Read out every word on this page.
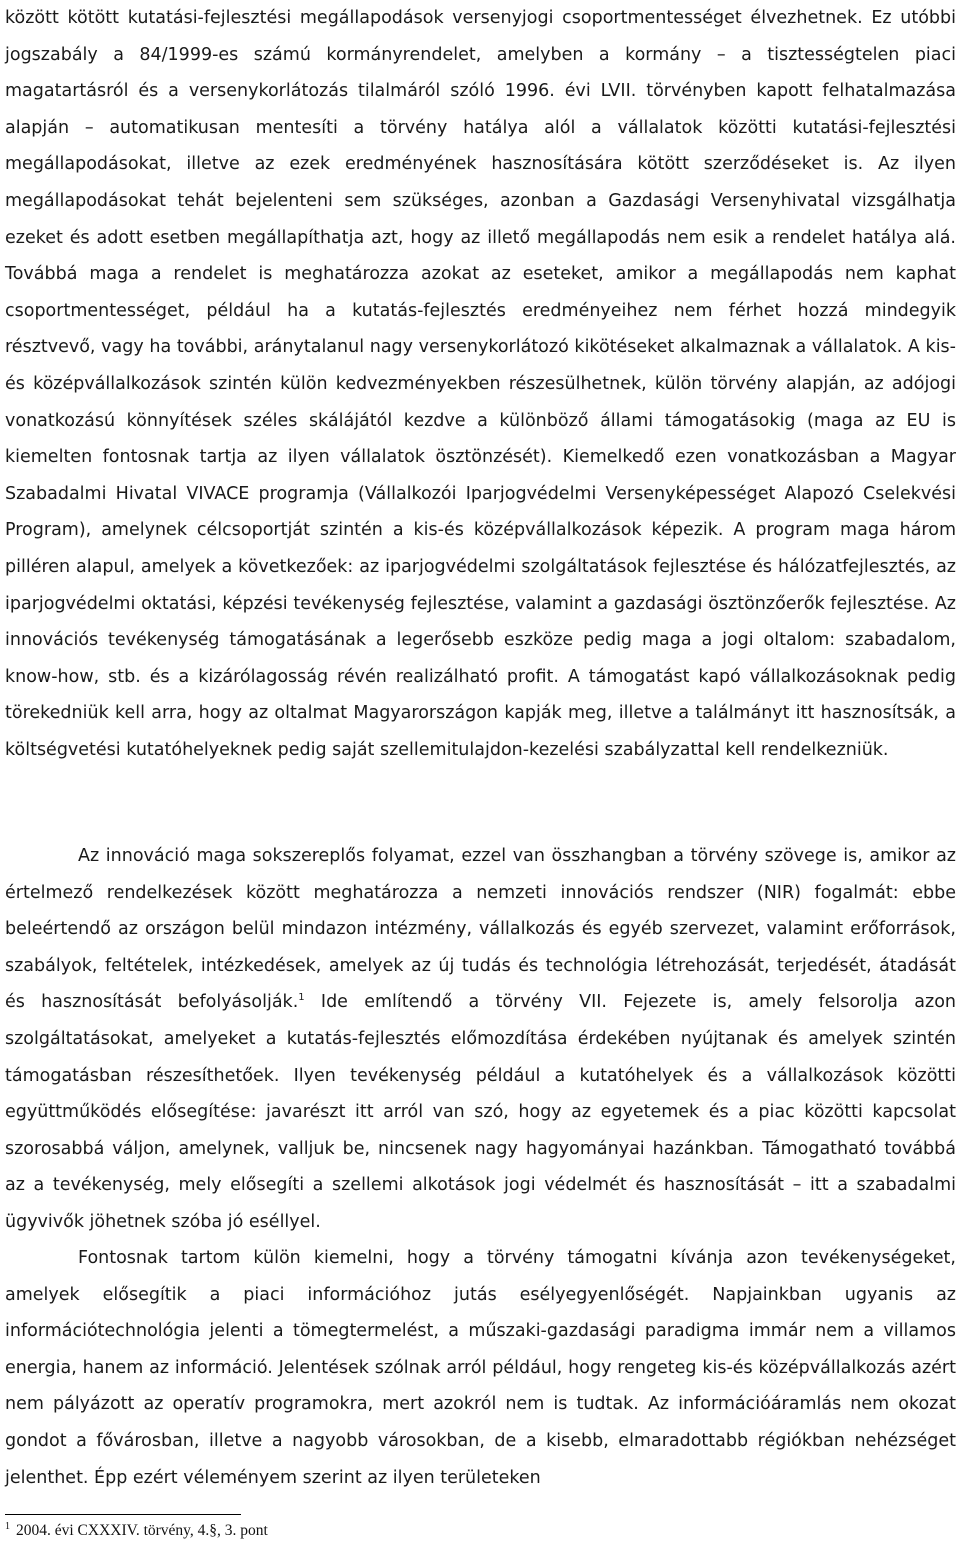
között kötött kutatási-fejlesztési megállapodások versenyjogi csoportmentességet élvezhetnek. Ez utóbbi jogszabály a 84/1999-es számú kormányrendelet, amelyben a kormány – a tisztességtelen piaci magatartásról és a versenykorlátozás tilalmáról szóló 1996. évi LVII. törvényben kapott felhatalmazása alapján – automatikusan mentesíti a törvény hatálya alól a vállalatok közötti kutatási-fejlesztési megállapodásokat, illetve az ezek eredményének hasznosítására kötött szerződéseket is. Az ilyen megállapodásokat tehát bejelenteni sem szükséges, azonban a Gazdasági Versenyhivatal vizsgálhatja ezeket és adott esetben megállapíthatja azt, hogy az illető megállapodás nem esik a rendelet hatálya alá. Továbbá maga a rendelet is meghatározza azokat az eseteket, amikor a megállapodás nem kaphat csoportmentességet, például ha a kutatás-fejlesztés eredményeihez nem férhet hozzá mindegyik résztvevő, vagy ha további, aránytalanul nagy versenykorlátozó kikötéseket alkalmaznak a vállalatok. A kis- és középvállalkozások szintén külön kedvezményekben részesülhetnek, külön törvény alapján, az adójogi vonatkozású könnyítések széles skálájától kezdve a különböző állami támogatásokig (maga az EU is kiemelten fontosnak tartja az ilyen vállalatok ösztönzését). Kiemelkedő ezen vonatkozásban a Magyar Szabadalmi Hivatal VIVACE programja (Vállalkozói Iparjogvédelmi Versenyképességet Alapozó Cselekvési Program), amelynek célcsoportját szintén a kis-és középvállalkozások képezik. A program maga három pilléren alapul, amelyek a következőek: az iparjogvédelmi szolgáltatások fejlesztése és hálózatfejlesztés, az iparjogvédelmi oktatási, képzési tevékenység fejlesztése, valamint a gazdasági ösztönzőerők fejlesztése. Az innovációs tevékenység támogatásának a legerősebb eszköze pedig maga a jogi oltalom: szabadalom, know-how, stb. és a kizárólagosság révén realizálható profit. A támogatást kapó vállalkozásoknak pedig törekedniük kell arra, hogy az oltalmat Magyarországon kapják meg, illetve a találmányt itt hasznosítsák, a költségvetési kutatóhelyeknek pedig saját szellemitulajdon-kezelési szabályzattal kell rendelkezniük.

Az innováció maga sokszereplős folyamat, ezzel van összhangban a törvény szövege is, amikor az értelmező rendelkezések között meghatározza a nemzeti innovációs rendszer (NIR) fogalmát: ebbe beleértendő az országon belül mindazon intézmény, vállalkozás és egyéb szervezet, valamint erőforrások, szabályok, feltételek, intézkedések, amelyek az új tudás és technológia létrehozását, terjedését, átadását és hasznosítását befolyásolják.$^1$ Ide említendő a törvény VII. Fejezete is, amely felsorolja azon szolgáltatásokat, amelyeket a kutatás-fejlesztés előmozdítása érdekében nyújtanak és amelyek szintén támogatásban részesíthetőek. Ilyen tevékenység például a kutatóhelyek és a vállalkozások közötti együttműködés elősegítése: javarészt itt arról van szó, hogy az egyetemek és a piac közötti kapcsolat szorosabbá váljon, amelynek, valljuk be, nincsenek nagy hagyományai hazánkban. Támogatható továbbá az a tevékenység, mely elősegíti a szellemi alkotások jogi védelmét és hasznosítását – itt a szabadalmi ügyvivők jöhetnek szóba jó eséllyel.

Fontosnak tartom külön kiemelni, hogy a törvény támogatni kívánja azon tevékenységeket, amelyek elősegítik a piaci információhoz jutás esélyegyenlőségét. Napjainkban ugyanis az információtechnológia jelenti a tömegtermelést, a műszaki-gazdasági paradigma immár nem a villamos energia, hanem az információ. Jelentések szólnak arról például, hogy rengeteg kis-és középvállalkozás azért nem pályázott az operatív programokra, mert azokról nem is tudtak. Az információáramlás nem okozat gondot a fővárosban, illetve a nagyobb városokban, de a kisebb, elmaradottabb régiókban nehézséget jelenthet. Épp ezért véleményem szerint az ilyen területeken

$^1$ 2004. évi CXXXIV. törvény, 4.§, 3. pont
